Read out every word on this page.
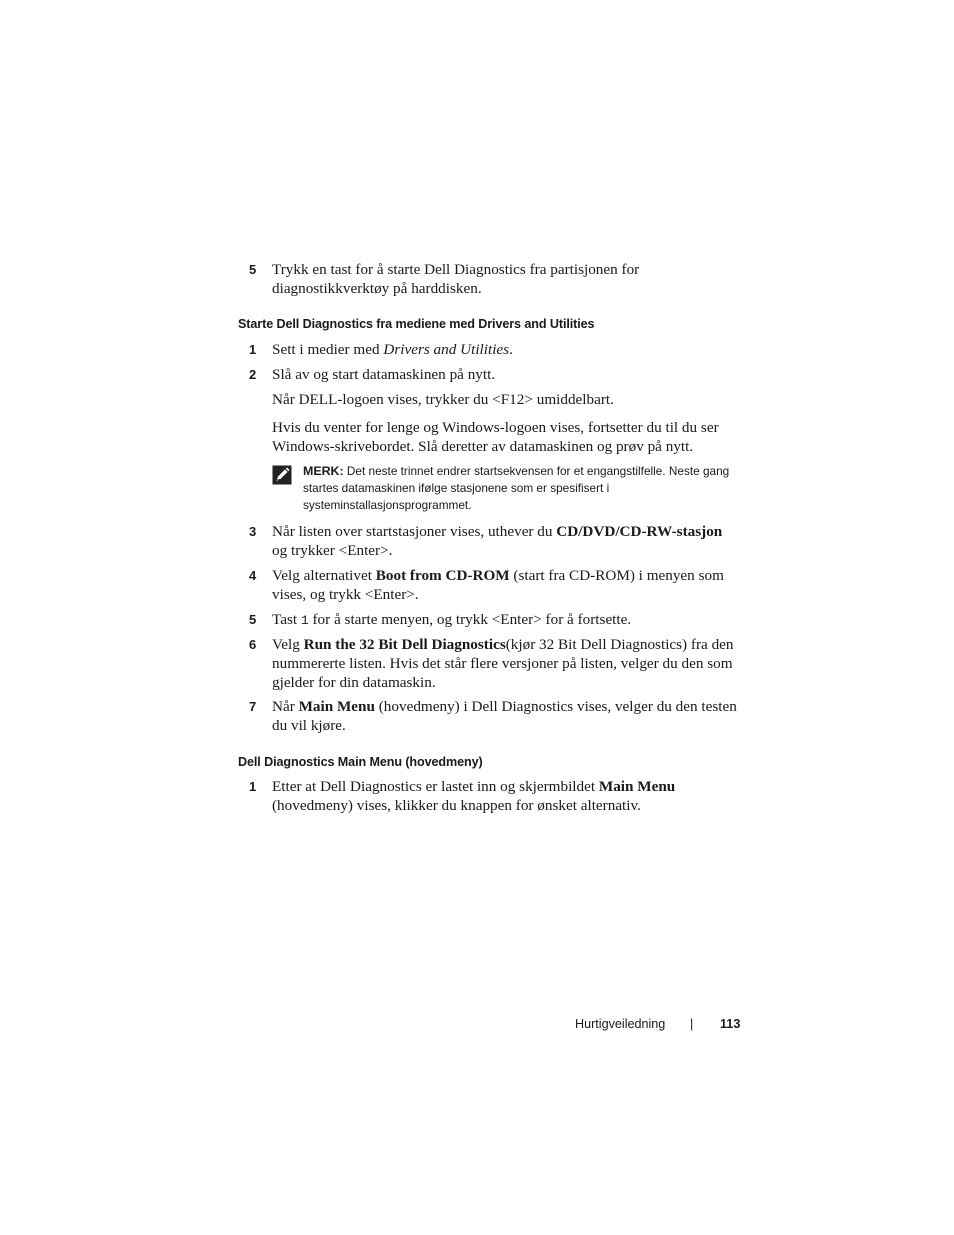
5 Trykk en tast for å starte Dell Diagnostics fra partisjonen for diagnostikkverktøy på harddisken.
Starte Dell Diagnostics fra mediene med Drivers and Utilities
1 Sett i medier med Drivers and Utilities.
2 Slå av og start datamaskinen på nytt.
Når DELL-logoen vises, trykker du <F12> umiddelbart.
Hvis du venter for lenge og Windows-logoen vises, fortsetter du til du ser Windows-skrivebordet. Slå deretter av datamaskinen og prøv på nytt.
MERK: Det neste trinnet endrer startsekvensen for et engangstilfelle. Neste gang startes datamaskinen ifølge stasjonene som er spesifisert i systeminstallasjonsprogrammet.
3 Når listen over startstasjoner vises, uthever du CD/DVD/CD-RW-stasjon og trykker <Enter>.
4 Velg alternativet Boot from CD-ROM (start fra CD-ROM) i menyen som vises, og trykk <Enter>.
5 Tast 1 for å starte menyen, og trykk <Enter> for å fortsette.
6 Velg Run the 32 Bit Dell Diagnostics(kjør 32 Bit Dell Diagnostics) fra den nummererte listen. Hvis det står flere versjoner på listen, velger du den som gjelder for din datamaskin.
7 Når Main Menu (hovedmeny) i Dell Diagnostics vises, velger du den testen du vil kjøre.
Dell Diagnostics Main Menu (hovedmeny)
1 Etter at Dell Diagnostics er lastet inn og skjermbildet Main Menu (hovedmeny) vises, klikker du knappen for ønsket alternativ.
Hurtigveiledning | 113
